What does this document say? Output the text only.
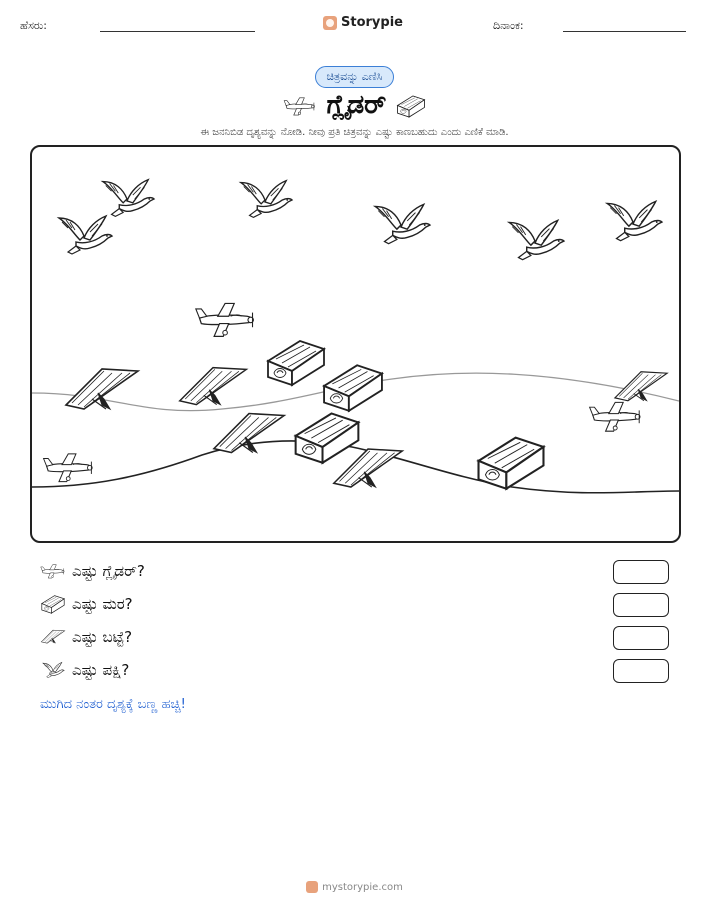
ಹೆಸರು:	Storypie	ದಿನಾಂಕ:
ಚಿತ್ರವನ್ನು ಎಣಿಸಿ
ಗ್ಲೈಡರ್
ಈ ಜನನಿಬಿಡ ದೃಶ್ಯವನ್ನು ನೋಡಿ. ನೀವು ಪ್ರತಿ ಚಿತ್ರವನ್ನು ಎಷ್ಟು ಕಾಣಬಹುದು ಎಂದು ಎಣಿಕೆ ಮಾಡಿ.
ಎಷ್ಟು ಗ್ಲೈಡರ್?
ಎಷ್ಟು ಮರ?
ಎಷ್ಟು ಬಟ್ಟೆ?
ಎಷ್ಟು ಪಕ್ಷಿ?
ಮುಗಿದ ನಂತರ ದೃಶ್ಯಕ್ಕೆ ಬಣ್ಣ ಹಚ್ಚಿ!
mystorypie.com
